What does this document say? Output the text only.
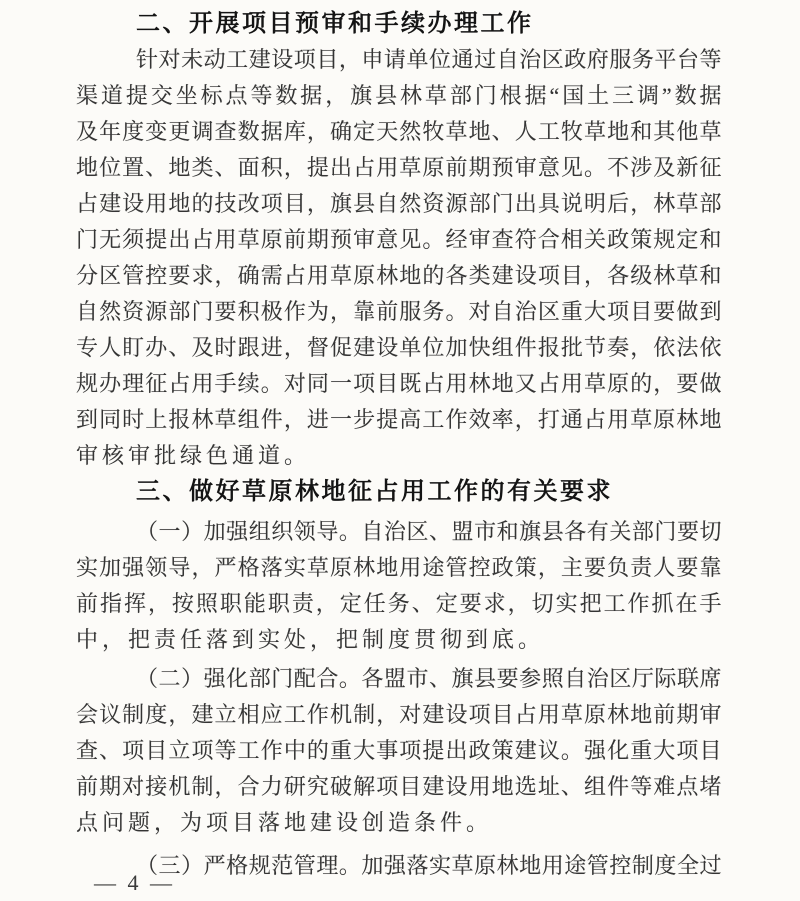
二、开展项目预审和手续办理工作
针对未动工建设项目，申请单位通过自治区政府服务平台等
渠道提交坐标点等数据，旗县林草部门根据“国土三调”数据
及年度变更调查数据库，确定天然牧草地、人工牧草地和其他草
地位置、地类、面积，提出占用草原前期预审意见。不涉及新征
占建设用地的技改项目，旗县自然资源部门出具说明后，林草部
门无须提出占用草原前期预审意见。经审查符合相关政策规定和
分区管控要求，确需占用草原林地的各类建设项目，各级林草和
自然资源部门要积极作为，靠前服务。对自治区重大项目要做到
专人盯办、及时跟进，督促建设单位加快组件报批节奏，依法依
规办理征占用手续。对同一项目既占用林地又占用草原的，要做
到同时上报林草组件，进一步提高工作效率，打通占用草原林地
审核审批绿色通道。
三、做好草原林地征占用工作的有关要求
（一）加强组织领导。自治区、盟市和旗县各有关部门要切
实加强领导，严格落实草原林地用途管控政策，主要负责人要靠
前指挥，按照职能职责，定任务、定要求，切实把工作抓在手
中，把责任落到实处，把制度贯彻到底。
（二）强化部门配合。各盟市、旗县要参照自治区厅际联席
会议制度，建立相应工作机制，对建设项目占用草原林地前期审
查、项目立项等工作中的重大事项提出政策建议。强化重大项目
前期对接机制，合力研究破解项目建设用地选址、组件等难点堵
点问题，为项目落地建设创造条件。
（三）严格规范管理。加强落实草原林地用途管控制度全过
— 4 —
